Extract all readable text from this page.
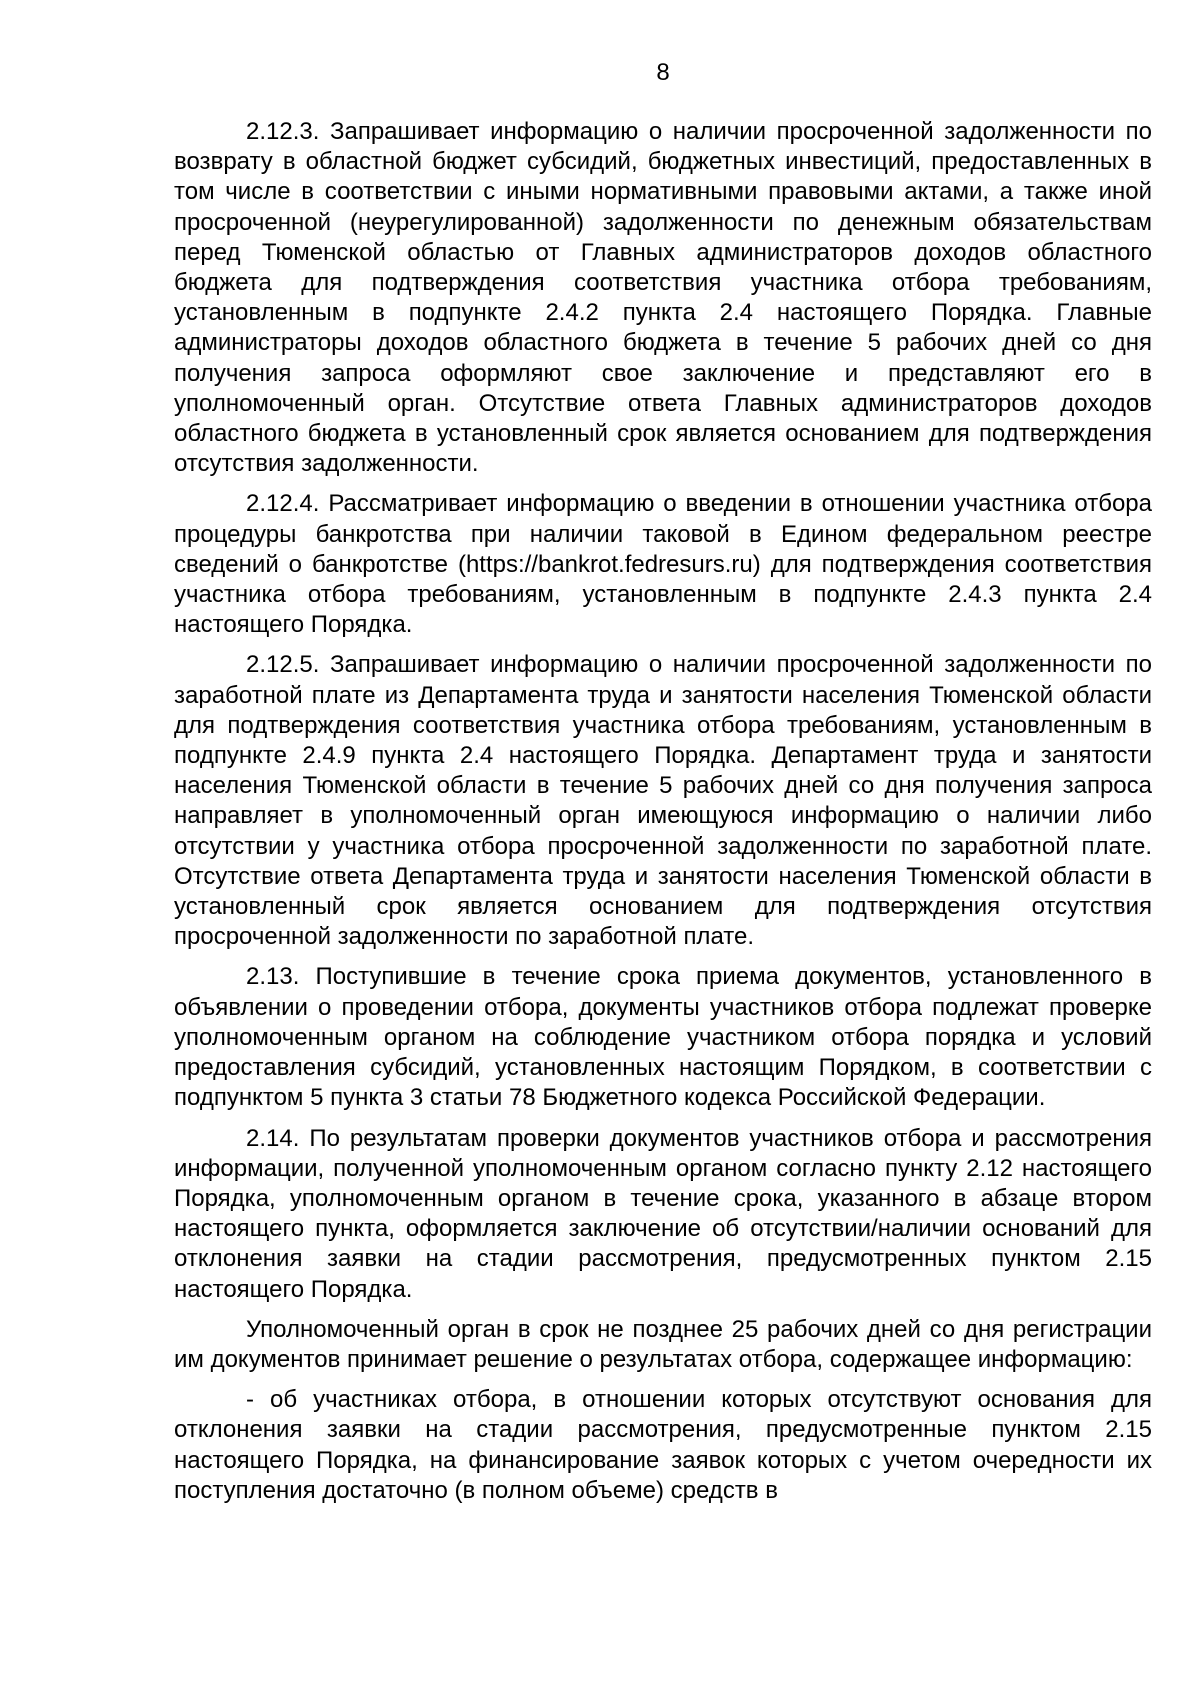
8

2.12.3. Запрашивает информацию о наличии просроченной задолженности по возврату в областной бюджет субсидий, бюджетных инвестиций, предоставленных в том числе в соответствии с иными нормативными правовыми актами, а также иной просроченной (неурегулированной) задолженности по денежным обязательствам перед Тюменской областью от Главных администраторов доходов областного бюджета для подтверждения соответствия участника отбора требованиям, установленным в подпункте 2.4.2 пункта 2.4 настоящего Порядка. Главные администраторы доходов областного бюджета в течение 5 рабочих дней со дня получения запроса оформляют свое заключение и представляют его в уполномоченный орган. Отсутствие ответа Главных администраторов доходов областного бюджета в установленный срок является основанием для подтверждения отсутствия задолженности.

2.12.4. Рассматривает информацию о введении в отношении участника отбора процедуры банкротства при наличии таковой в Едином федеральном реестре сведений о банкротстве (https://bankrot.fedresurs.ru) для подтверждения соответствия участника отбора требованиям, установленным в подпункте 2.4.3 пункта 2.4 настоящего Порядка.

2.12.5. Запрашивает информацию о наличии просроченной задолженности по заработной плате из Департамента труда и занятости населения Тюменской области для подтверждения соответствия участника отбора требованиям, установленным в подпункте 2.4.9 пункта 2.4 настоящего Порядка. Департамент труда и занятости населения Тюменской области в течение 5 рабочих дней со дня получения запроса направляет в уполномоченный орган имеющуюся информацию о наличии либо отсутствии у участника отбора просроченной задолженности по заработной плате. Отсутствие ответа Департамента труда и занятости населения Тюменской области в установленный срок является основанием для подтверждения отсутствия просроченной задолженности по заработной плате.

2.13. Поступившие в течение срока приема документов, установленного в объявлении о проведении отбора, документы участников отбора подлежат проверке уполномоченным органом на соблюдение участником отбора порядка и условий предоставления субсидий, установленных настоящим Порядком, в соответствии с подпунктом 5 пункта 3 статьи 78 Бюджетного кодекса Российской Федерации.

2.14. По результатам проверки документов участников отбора и рассмотрения информации, полученной уполномоченным органом согласно пункту 2.12 настоящего Порядка, уполномоченным органом в течение срока, указанного в абзаце втором настоящего пункта, оформляется заключение об отсутствии/наличии оснований для отклонения заявки на стадии рассмотрения, предусмотренных пунктом 2.15 настоящего Порядка.

Уполномоченный орган в срок не позднее 25 рабочих дней со дня регистрации им документов принимает решение о результатах отбора, содержащее информацию:

- об участниках отбора, в отношении которых отсутствуют основания для отклонения заявки на стадии рассмотрения, предусмотренные пунктом 2.15 настоящего Порядка, на финансирование заявок которых с учетом очередности их поступления достаточно (в полном объеме) средств в
